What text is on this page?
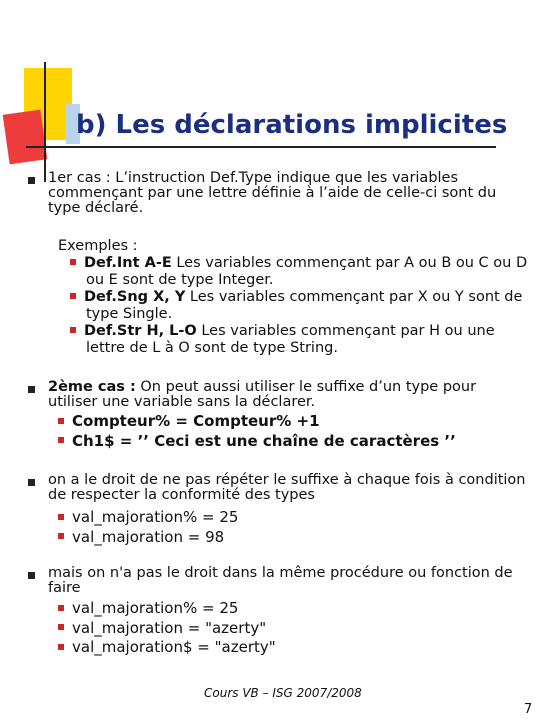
b) Les déclarations implicites
1er cas : L’instruction Def.Type indique que les variables commençant par une lettre définie à l’aide de celle-ci sont du type déclaré.
Exemples :
Def.Int A-E Les variables commençant par A ou B ou C ou D ou E sont de type Integer.
Def.Sng X, Y Les variables commençant par X ou Y sont de type Single.
Def.Str H, L-O Les variables commençant par H ou une lettre de L à O sont de type String.
2ème cas : On peut aussi utiliser le suffixe d’un type pour utiliser une variable sans la déclarer.
Compteur% = Compteur% +1
Ch1$ = ’’ Ceci est une chaîne de caractères ’’
on a le droit de ne pas répéter le suffixe à chaque fois à condition de respecter la conformité des types
val_majoration% = 25
val_majoration = 98
mais on n'a pas le droit dans la même procédure ou fonction de faire
val_majoration% = 25
val_majoration = "azerty"
val_majoration$ = "azerty"
Cours VB – ISG 2007/2008
7
